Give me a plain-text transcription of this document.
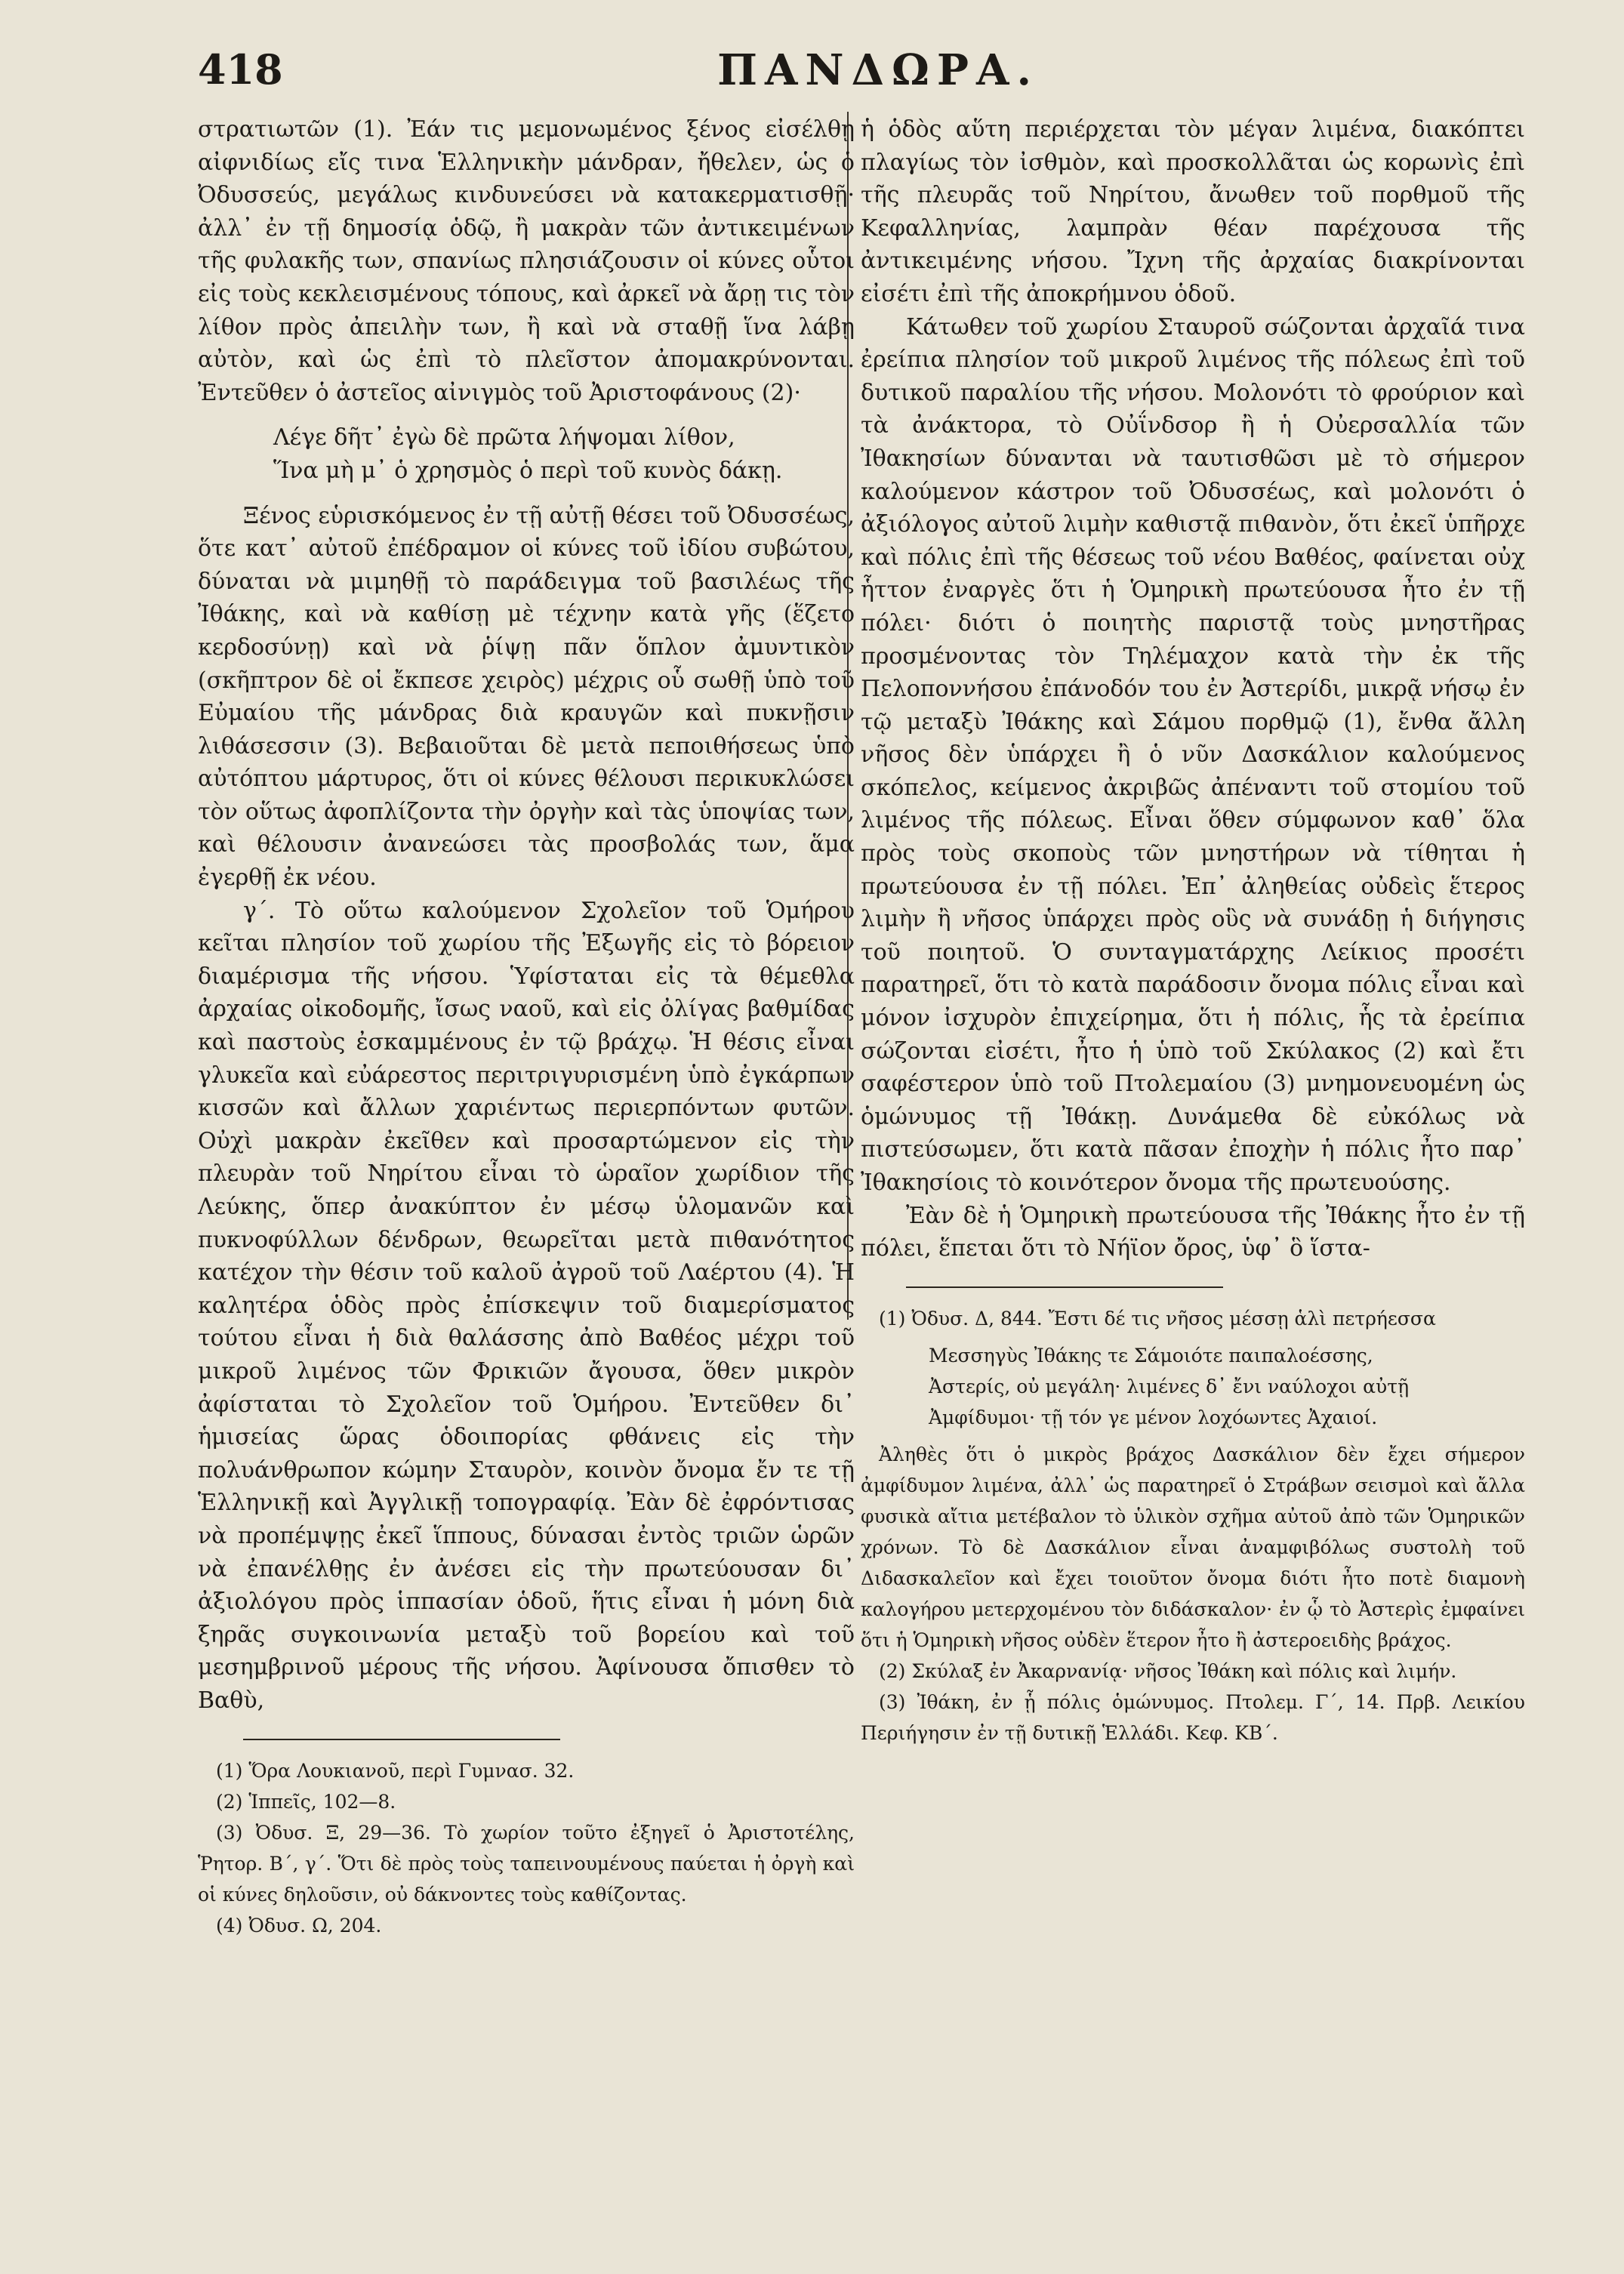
418	ΠΑΝΔΩΡΑ.

στρατιωτῶν (1). Ἐάν τις μεμονωμένος ξένος εἰσέλθῃ αἰφνιδίως εἴς τινα Ἑλληνικὴν μάνδραν, ἤθελεν, ὡς ὁ Ὀδυσσεύς, μεγάλως κινδυνεύσει νὰ κατακερματισθῇ· ἀλλ᾽ ἐν τῇ δημοσίᾳ ὁδῷ, ἢ μακρὰν τῶν ἀντικειμένων τῆς φυλακῆς των, σπανίως πλησιάζουσιν οἱ κύνες οὗτοι εἰς τοὺς κεκλεισμένους τόπους, καὶ ἀρκεῖ νὰ ἄρῃ τις τὸν λίθον πρὸς ἀπειλὴν των, ἢ καὶ νὰ σταθῇ ἵνα λάβῃ αὐτὸν, καὶ ὡς ἐπὶ τὸ πλεῖστον ἀπομακρύνονται. Ἐντεῦθεν ὁ ἀστεῖος αἰνιγμὸς τοῦ Ἀριστοφάνους (2)·

Λέγε δῆτ᾽ ἐγὼ δὲ πρῶτα λήψομαι λίθον,
Ἵνα μὴ μ᾽ ὁ χρησμὸς ὁ περὶ τοῦ κυνὸς δάκῃ.

Ξένος εὑρισκόμενος ἐν τῇ αὐτῇ θέσει τοῦ Ὀδυσσέως, ὅτε κατ᾽ αὐτοῦ ἐπέδραμον οἱ κύνες τοῦ ἰδίου συβώτου, δύναται νὰ μιμηθῇ τὸ παράδειγμα τοῦ βασιλέως τῆς Ἰθάκης, καὶ νὰ καθίσῃ μὲ τέχνην κατὰ γῆς (ἕζετο κερδοσύνῃ) καὶ νὰ ῥίψῃ πᾶν ὅπλον ἀμυντικὸν (σκῆπτρον δὲ οἱ ἔκπεσε χειρὸς) μέχρις οὗ σωθῇ ὑπὸ τοῦ Εὐμαίου τῆς μάνδρας διὰ κραυγῶν καὶ πυκνῇσιν λιθάσεσσιν (3). Βεβαιοῦται δὲ μετὰ πεποιθήσεως ὑπὸ αὐτόπτου μάρτυρος, ὅτι οἱ κύνες θέλουσι περικυκλώσει τὸν οὕτως ἀφοπλίζοντα τὴν ὀργὴν καὶ τὰς ὑποψίας των, καὶ θέλουσιν ἀνανεώσει τὰς προσβολάς των, ἅμα ἐγερθῇ ἐκ νέου.

γ΄. Τὸ οὕτω καλούμενον Σχολεῖον τοῦ Ὁμήρου κεῖται πλησίον τοῦ χωρίου τῆς Ἐξωγῆς εἰς τὸ βόρειον διαμέρισμα τῆς νήσου. Ὑφίσταται εἰς τὰ θέμεθλα ἀρχαίας οἰκοδομῆς, ἴσως ναοῦ, καὶ εἰς ὀλίγας βαθμίδας καὶ παστοὺς ἐσκαμμένους ἐν τῷ βράχῳ. Ἡ θέσις εἶναι γλυκεῖα καὶ εὐάρεστος περιτριγυρισμένη ὑπὸ ἐγκάρπων κισσῶν καὶ ἄλλων χαριέντως περιερπόντων φυτῶν. Οὐχὶ μακρὰν ἐκεῖθεν καὶ προσαρτώμενον εἰς τὴν πλευρὰν τοῦ Νηρίτου εἶναι τὸ ὡραῖον χωρίδιον τῆς Λεύκης, ὅπερ ἀνακύπτον ἐν μέσῳ ὑλομανῶν καὶ πυκνοφύλλων δένδρων, θεωρεῖται μετὰ πιθανότητος κατέχον τὴν θέσιν τοῦ καλοῦ ἀγροῦ τοῦ Λαέρτου (4). Ἡ καλητέρα ὁδὸς πρὸς ἐπίσκεψιν τοῦ διαμερίσματος τούτου εἶναι ἡ διὰ θαλάσσης ἀπὸ Βαθέος μέχρι τοῦ μικροῦ λιμένος τῶν Φρικιῶν ἄγουσα, ὅθεν μικρὸν ἀφίσταται τὸ Σχολεῖον τοῦ Ὁμήρου. Ἐντεῦθεν δι᾽ ἡμισείας ὥρας ὁδοιπορίας φθάνεις εἰς τὴν πολυάνθρωπον κώμην Σταυρὸν, κοινὸν ὄνομα ἔν τε τῇ Ἑλληνικῇ καὶ Ἀγγλικῇ τοπογραφίᾳ. Ἐὰν δὲ ἐφρόντισας νὰ προπέμψῃς ἐκεῖ ἵππους, δύνασαι ἐντὸς τριῶν ὡρῶν νὰ ἐπανέλθῃς ἐν ἀνέσει εἰς τὴν πρωτεύουσαν δι᾽ ἀξιολόγου πρὸς ἱππασίαν ὁδοῦ, ἥτις εἶναι ἡ μόνη διὰ ξηρᾶς συγκοινωνία μεταξὺ τοῦ βορείου καὶ τοῦ μεσημβρινοῦ μέρους τῆς νήσου. Ἀφίνουσα ὄπισθεν τὸ Βαθὺ,

(1) Ὅρα Λουκιανοῦ, περὶ Γυμνασ. 32.

(2) Ἱππεῖς, 102—8.

(3) Ὀδυσ. Ξ, 29—36. Τὸ χωρίον τοῦτο ἐξηγεῖ ὁ Ἀριστοτέλης, Ῥητορ. Β΄, γ΄. Ὅτι δὲ πρὸς τοὺς ταπεινουμένους παύεται ἡ ὀργὴ καὶ οἱ κύνες δηλοῦσιν, οὐ δάκνοντες τοὺς καθίζοντας.

(4) Ὀδυσ. Ω, 204.

ἡ ὁδὸς αὕτη περιέρχεται τὸν μέγαν λιμένα, διακόπτει πλαγίως τὸν ἰσθμὸν, καὶ προσκολλᾶται ὡς κορωνὶς ἐπὶ τῆς πλευρᾶς τοῦ Νηρίτου, ἄνωθεν τοῦ πορθμοῦ τῆς Κεφαλληνίας, λαμπρὰν θέαν παρέχουσα τῆς ἀντικειμένης νήσου. Ἴχνη τῆς ἀρχαίας διακρίνονται εἰσέτι ἐπὶ τῆς ἀποκρήμνου ὁδοῦ.

Κάτωθεν τοῦ χωρίου Σταυροῦ σώζονται ἀρχαῖά τινα ἐρείπια πλησίον τοῦ μικροῦ λιμένος τῆς πόλεως ἐπὶ τοῦ δυτικοῦ παραλίου τῆς νήσου. Μολονότι τὸ φρούριον καὶ τὰ ἀνάκτορα, τὸ Οὐΐνδσορ ἢ ἡ Οὐερσαλλία τῶν Ἰθακησίων δύνανται νὰ ταυτισθῶσι μὲ τὸ σήμερον καλούμενον κάστρον τοῦ Ὀδυσσέως, καὶ μολονότι ὁ ἀξιόλογος αὐτοῦ λιμὴν καθιστᾷ πιθανὸν, ὅτι ἐκεῖ ὑπῆρχε καὶ πόλις ἐπὶ τῆς θέσεως τοῦ νέου Βαθέος, φαίνεται οὐχ ἧττον ἐναργὲς ὅτι ἡ Ὁμηρικὴ πρωτεύουσα ἦτο ἐν τῇ πόλει· διότι ὁ ποιητὴς παριστᾷ τοὺς μνηστῆρας προσμένοντας τὸν Τηλέμαχον κατὰ τὴν ἐκ τῆς Πελοποννήσου ἐπάνοδόν του ἐν Ἀστερίδι, μικρᾷ νήσῳ ἐν τῷ μεταξὺ Ἰθάκης καὶ Σάμου πορθμῷ (1), ἔνθα ἄλλη νῆσος δὲν ὑπάρχει ἢ ὁ νῦν Δασκάλιον καλούμενος σκόπελος, κείμενος ἀκριβῶς ἀπέναντι τοῦ στομίου τοῦ λιμένος τῆς πόλεως. Εἶναι ὅθεν σύμφωνον καθ᾽ ὅλα πρὸς τοὺς σκοποὺς τῶν μνηστήρων νὰ τίθηται ἡ πρωτεύουσα ἐν τῇ πόλει. Ἐπ᾽ ἀληθείας οὐδεὶς ἕτερος λιμὴν ἢ νῆσος ὑπάρχει πρὸς οὓς νὰ συνάδῃ ἡ διήγησις τοῦ ποιητοῦ. Ὁ συνταγματάρχης Λείκιος προσέτι παρατηρεῖ, ὅτι τὸ κατὰ παράδοσιν ὄνομα πόλις εἶναι καὶ μόνον ἰσχυρὸν ἐπιχείρημα, ὅτι ἡ πόλις, ἧς τὰ ἐρείπια σώζονται εἰσέτι, ἦτο ἡ ὑπὸ τοῦ Σκύλακος (2) καὶ ἔτι σαφέστερον ὑπὸ τοῦ Πτολεμαίου (3) μνημονευομένη ὡς ὁμώνυμος τῇ Ἰθάκῃ. Δυνάμεθα δὲ εὐκόλως νὰ πιστεύσωμεν, ὅτι κατὰ πᾶσαν ἐποχὴν ἡ πόλις ἦτο παρ᾽ Ἰθακησίοις τὸ κοινότερον ὄνομα τῆς πρωτευούσης.

Ἐὰν δὲ ἡ Ὁμηρικὴ πρωτεύουσα τῆς Ἰθάκης ἦτο ἐν τῇ πόλει, ἕπεται ὅτι τὸ Νήϊον ὄρος, ὑφ᾽ ὃ ἵστα-

(1) Ὀδυσ. Δ, 844. Ἔστι δέ τις νῆσος μέσσῃ ἁλὶ πετρήεσσα

Μεσσηγὺς Ἰθάκης τε Σάμοιότε παιπαλοέσσης,
Ἀστερίς, οὐ μεγάλη· λιμένες δ᾽ ἔνι ναύλοχοι αὐτῇ
Ἀμφίδυμοι· τῇ τόν γε μένον λοχόωντες Ἀχαιοί.

Ἀληθὲς ὅτι ὁ μικρὸς βράχος Δασκάλιον δὲν ἔχει σήμερον ἀμφίδυμον λιμένα, ἀλλ᾽ ὡς παρατηρεῖ ὁ Στράβων σεισμοὶ καὶ ἄλλα φυσικὰ αἴτια μετέβαλον τὸ ὑλικὸν σχῆμα αὐτοῦ ἀπὸ τῶν Ὁμηρικῶν χρόνων. Τὸ δὲ Δασκάλιον εἶναι ἀναμφιβόλως συστολὴ τοῦ Διδασκαλεῖον καὶ ἔχει τοιοῦτον ὄνομα διότι ἦτο ποτὲ διαμονὴ καλογήρου μετερχομένου τὸν διδάσκαλον· ἐν ᾧ τὸ Ἀστερὶς ἐμφαίνει ὅτι ἡ Ὁμηρικὴ νῆσος οὐδὲν ἕτερον ἦτο ἢ ἀστεροειδὴς βράχος.

(2) Σκύλαξ ἐν Ἀκαρνανίᾳ· νῆσος Ἰθάκη καὶ πόλις καὶ λιμήν.

(3) Ἰθάκη, ἐν ᾗ πόλις ὁμώνυμος. Πτολεμ. Γ΄, 14. Πρβ. Λεικίου Περιήγησιν ἐν τῇ δυτικῇ Ἑλλάδι. Κεφ. ΚΒ΄.
